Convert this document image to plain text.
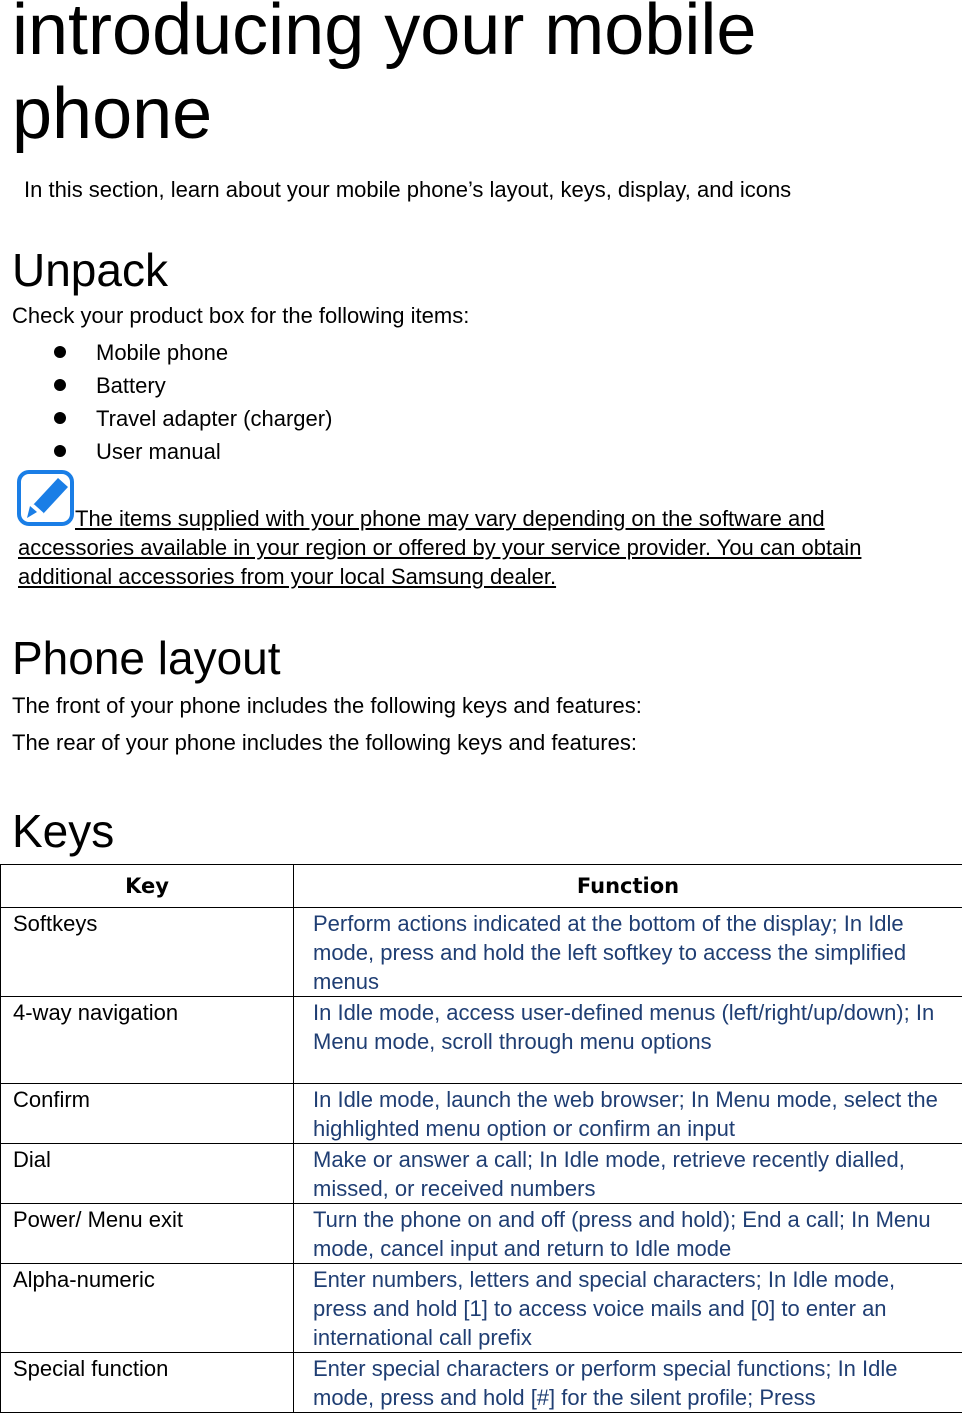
introducing your mobile phone

In this section, learn about your mobile phone’s layout, keys, display, and icons

Unpack

Check your product box for the following items:

Mobile phone
Battery
Travel adapter (charger)
User manual

The items supplied with your phone may vary depending on the software and accessories available in your region or offered by your service provider. You can obtain additional accessories from your local Samsung dealer.

Phone layout

The front of your phone includes the following keys and features:

The rear of your phone includes the following keys and features:

Keys
Key	Function
Softkeys	Perform actions indicated at the bottom of the display; In Idle mode, press and hold the left softkey to access the simplified menus
4-way navigation	In Idle mode, access user-defined menus (left/right/up/down); In Menu mode, scroll through menu options
Confirm	In Idle mode, launch the web browser; In Menu mode, select the highlighted menu option or confirm an input
Dial	Make or answer a call; In Idle mode, retrieve recently dialled, missed, or received numbers
Power/ Menu exit	Turn the phone on and off (press and hold); End a call; In Menu mode, cancel input and return to Idle mode
Alpha-numeric	Enter numbers, letters and special characters; In Idle mode, press and hold [1] to access voice mails and [0] to enter an international call prefix
Special function	Enter special characters or perform special functions; In Idle mode, press and hold [#] for the silent profile; Press
